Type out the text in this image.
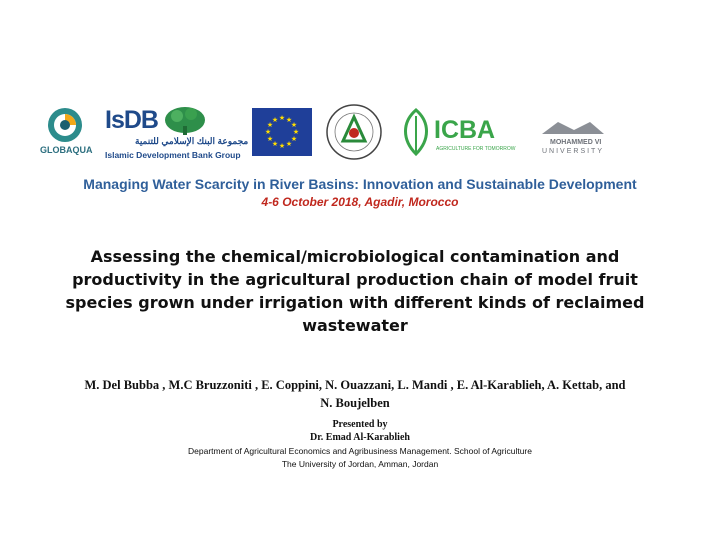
GLOBAQUA
IsDB
مجموعة البنك الإسلامي للتنمية
Islamic Development Bank Group
★ ★
★
★
★
★
★
★
★
★
★
★	ICBA
AGRICULTURE FOR TOMORROW
MOHAMMED VI
UNIVERSITY
Managing Water Scarcity in River Basins: Innovation and Sustainable Development
4-6 October 2018, Agadir, Morocco
Assessing the chemical/microbiological contamination and productivity in the agricultural production chain of model fruit species grown under irrigation with different kinds of reclaimed wastewater
M. Del Bubba , M.C Bruzzoniti , E. Coppini, N. Ouazzani, L. Mandi , E. Al-Karablieh, A. Kettab, and N. Boujelben
Presented by
Dr. Emad Al-Karablieh
Department of Agricultural Economics and Agribusiness Management. School of Agriculture
The University of Jordan, Amman, Jordan
